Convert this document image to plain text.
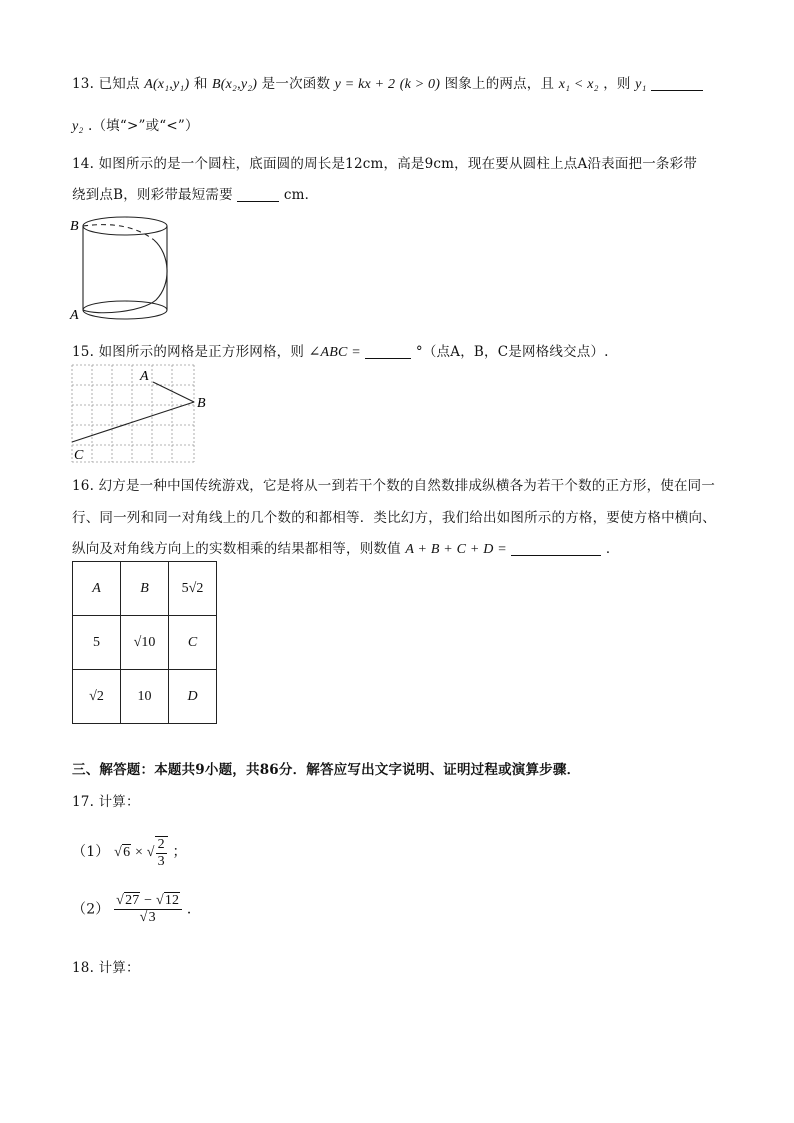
13. 已知点 A(x₁,y₁) 和 B(x₂,y₂) 是一次函数 y = kx + 2 (k > 0) 图象上的两点，且 x₁ < x₂ ，则 y₁
y₂ .（填“>”或“<”）
14. 如图所示的是一个圆柱，底面圆的周长是12cm，高是9cm，现在要从圆柱上点A沿表面把一条彩带
绕到点B，则彩带最短需要	cm．
B
A
15. 如图所示的网格是正方形网格，则 ∠ABC =	°（点A，B，C是网格线交点）.
A
B
C
16. 幻方是一种中国传统游戏，它是将从一到若干个数的自然数排成纵横各为若干个数的正方形，使在同一
行、同一列和同一对角线上的几个数的和都相等．类比幻方，我们给出如图所示的方格，要使方格中横向、
纵向及对角线方向上的实数相乘的结果都相等，则数值 A + B + C + D =	．
A	B	5√2
5	√10	C
√2	10	D
三、解答题：本题共9小题，共86分．解答应写出文字说明、证明过程或演算步骤．
17. 计算：
（1） √6 × √ $\frac{2}{3}$ ；
$(2) \frac{√27 - √12}{√3}$ ．
18. 计算：
